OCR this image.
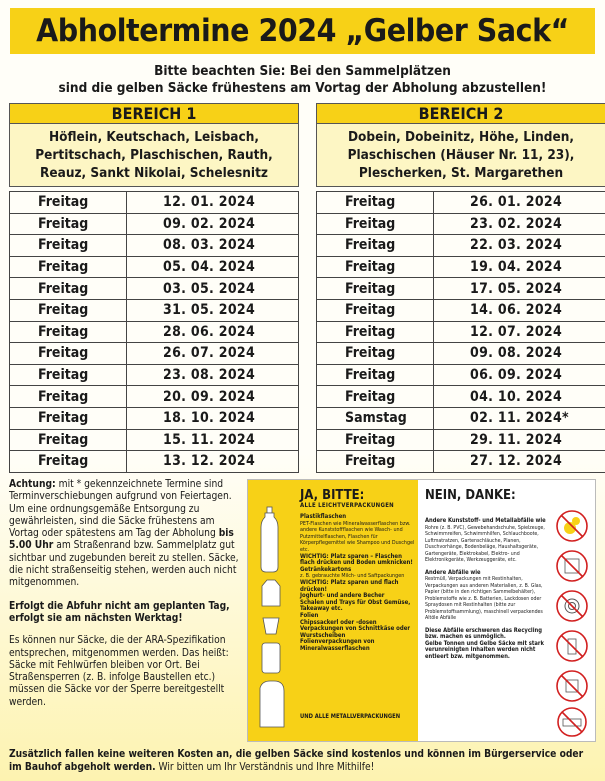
Abholtermine 2024 „Gelber Sack“
Bitte beachten Sie: Bei den Sammelplätzen
sind die gelben Säcke frühestens am Vortag der Abholung abzustellen!
BEREICH 1
Höflein, Keutschach, Leisbach,
Pertitschach, Plaschischen, Rauth,
Reauz, Sankt Nikolai, Schelesnitz
Freitag	12. 01. 2024
Freitag	09. 02. 2024
Freitag	08. 03. 2024
Freitag	05. 04. 2024
Freitag	03. 05. 2024
Freitag	31. 05. 2024
Freitag	28. 06. 2024
Freitag	26. 07. 2024
Freitag	23. 08. 2024
Freitag	20. 09. 2024
Freitag	18. 10. 2024
Freitag	15. 11. 2024
Freitag	13. 12. 2024
BEREICH 2
Dobein, Dobeinitz, Höhe, Linden,
Plaschischen (Häuser Nr. 11, 23),
Plescherken, St. Margarethen
Freitag	26. 01. 2024
Freitag	23. 02. 2024
Freitag	22. 03. 2024
Freitag	19. 04. 2024
Freitag	17. 05. 2024
Freitag	14. 06. 2024
Freitag	12. 07. 2024
Freitag	09. 08. 2024
Freitag	06. 09. 2024
Freitag	04. 10. 2024
Samstag	02. 11. 2024*
Freitag	29. 11. 2024
Freitag	27. 12. 2024

Achtung: mit * gekennzeichnete Termine sind Terminverschiebungen aufgrund von Feiertagen. Um eine ordnungsgemäße Entsorgung zu gewährleisten, sind die Säcke frühestens am Vortag oder spätestens am Tag der Abholung bis 5.00 Uhr am Straßenrand bzw. Sammelplatz gut sichtbar und zugebunden bereit zu stellen. Säcke, die nicht straßenseitig stehen, werden auch nicht mitgenommen.

Erfolgt die Abfuhr nicht am geplanten Tag, erfolgt sie am nächsten Werktag!

Es können nur Säcke, die der ARA-Spezifikation entsprechen, mitgenommen werden. Das heißt: Säcke mit Fehlwürfen bleiben vor Ort. Bei Straßensperren (z. B. infolge Baustellen etc.) müssen die Säcke vor der Sperre bereitgestellt werden.

JA, BITTE:
ALLE LEICHTVERPACKUNGEN
Plastikflaschen
PET-Flaschen wie Mineralwasserflaschen bzw. andere Kunststoffflaschen wie Wasch- und Putzmittelflaschen, Flaschen für Körperpflegemittel wie Shampoo und Duschgel etc.
WICHTIG: Platz sparen – Flaschen flach drücken und Boden umknicken!
Getränkekartons
z. B. gebrauchte Milch- und Saftpackungen
WICHTIG: Platz sparen und flach drücken!
Joghurt- und andere Becher
Schalen und Trays für Obst Gemüse, Takeaway etc.
Folien
Chipssackerl oder -dosen
Verpackungen von Schnittkäse oder Wurstscheiben
Folienverpackungen von Mineralwasserflaschen
UND ALLE METALLVERPACKUNGEN
NEIN, DANKE:
Andere Kunststoff- und Metallabfälle wie
Rohre (z. B. PVC), Gewebehandschuhe, Spielzeuge, Schwimmreifen, Schwimmhilfen, Schlauchboote, Luftmatratzen, Gartenschläuche, Planen, Duschvorhänge, Bodenbeläge, Haushaltsgeräte, Gartengeräte, Elektrokabel, Elektro- und Elektronikgeräte, Werkzeuggeräte, etc.
Andere Abfälle wie
Restmüll, Verpackungen mit Restinhalten, Verpackungen aus anderen Materialien, z. B. Glas, Papier (bitte in den richtigen Sammelbehälter), Problemstoffe wie z. B. Batterien, Lackdosen oder Spraydosen mit Restinhalten (bitte zur Problemstoffsammlung), maschinell verpackendes Altöle Abfälle
Diese Abfälle erschweren das Recycling bzw. machen es unmöglich.
Gelbe Tonnen und Gelbe Säcke mit stark verunreinigten Inhalten werden nicht entleert bzw. mitgenommen.
Zusätzlich fallen keine weiteren Kosten an, die gelben Säcke sind kostenlos und können im Bürgerservice oder im Bauhof abgeholt werden. Wir bitten um Ihr Verständnis und Ihre Mithilfe!
